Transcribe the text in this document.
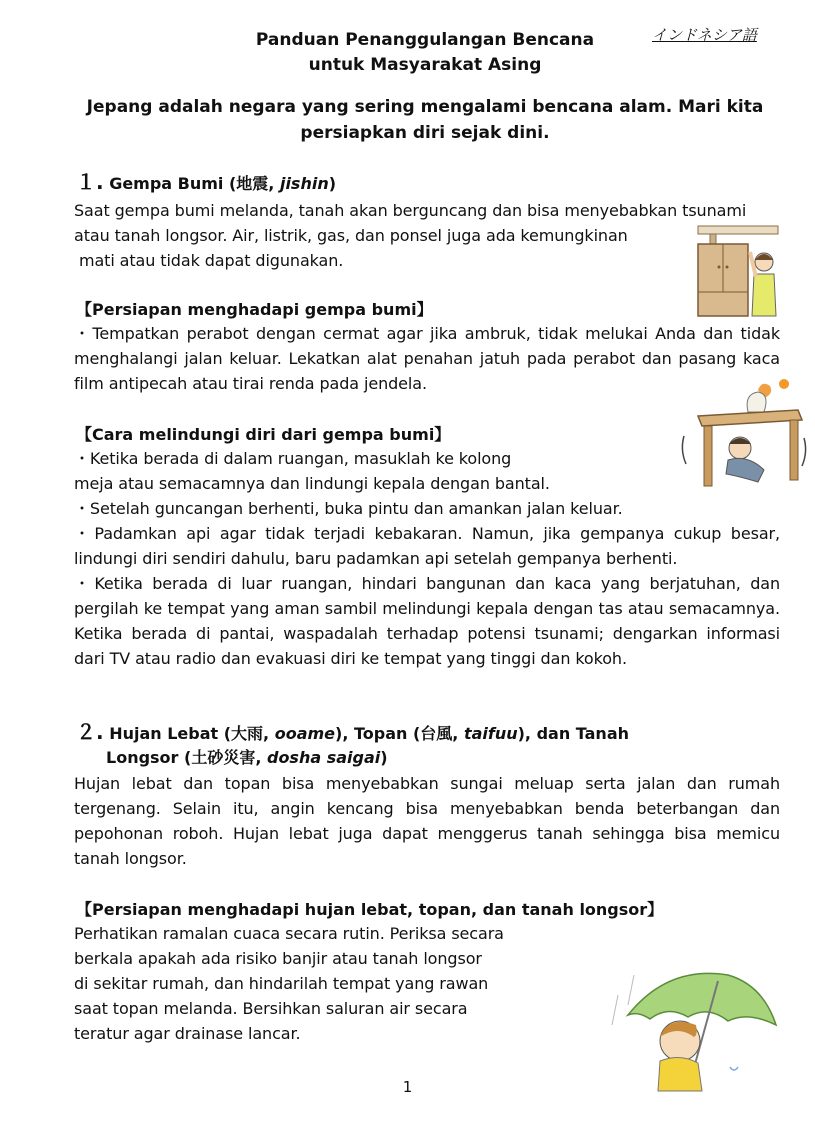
Panduan Penanggulangan Bencana
untuk Masyarakat Asing
インドネシア語
Jepang adalah negara yang sering mengalami bencana alam. Mari kita
persiapkan diri sejak dini.
１. Gempa Bumi (地震, jishin)
Saat gempa bumi melanda, tanah akan berguncang dan bisa menyebabkan tsunami
atau tanah longsor. Air, listrik, gas, dan ponsel juga ada kemungkinan
mati atau tidak dapat digunakan.
【Persiapan menghadapi gempa bumi】
・Tempatkan perabot dengan cermat agar jika ambruk, tidak melukai Anda dan tidak menghalangi jalan keluar. Lekatkan alat penahan jatuh pada perabot dan pasang kaca film antipecah atau tirai renda pada jendela.
【Cara melindungi diri dari gempa bumi】
・Ketika berada di dalam ruangan, masuklah ke kolong
meja atau semacamnya dan lindungi kepala dengan bantal.
・Setelah guncangan berhenti, buka pintu dan amankan jalan keluar.
・Padamkan api agar tidak terjadi kebakaran. Namun, jika gempanya cukup besar, lindungi diri sendiri dahulu, baru padamkan api setelah gempanya berhenti.
・Ketika berada di luar ruangan, hindari bangunan dan kaca yang berjatuhan, dan pergilah ke tempat yang aman sambil melindungi kepala dengan tas atau semacamnya. Ketika berada di pantai, waspadalah terhadap potensi tsunami; dengarkan informasi dari TV atau radio dan evakuasi diri ke tempat yang tinggi dan kokoh.
２. Hujan Lebat (大雨, ooame), Topan (台風, taifuu), dan Tanah
Longsor (土砂災害, dosha saigai)
Hujan lebat dan topan bisa menyebabkan sungai meluap serta jalan dan rumah tergenang. Selain itu, angin kencang bisa menyebabkan benda beterbangan dan pepohonan roboh. Hujan lebat juga dapat menggerus tanah sehingga bisa memicu tanah longsor.
【Persiapan menghadapi hujan lebat, topan, dan tanah longsor】
Perhatikan ramalan cuaca secara rutin. Periksa secara
berkala apakah ada risiko banjir atau tanah longsor
di sekitar rumah, dan hindarilah tempat yang rawan
saat topan melanda. Bersihkan saluran air secara
teratur agar drainase lancar.
1
